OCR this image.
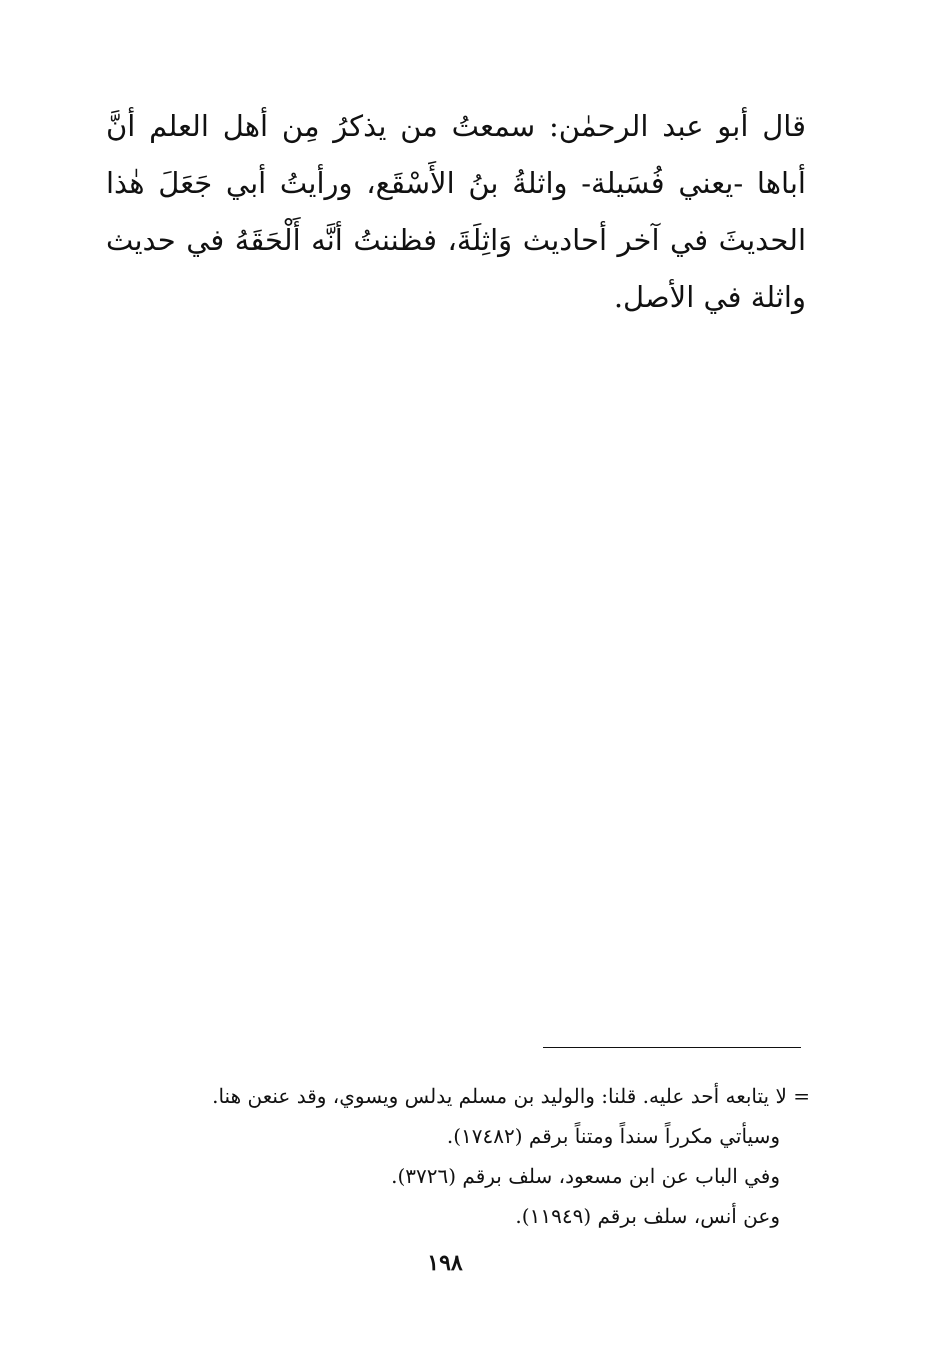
قال أبو عبد الرحمٰن: سمعتُ من يذكرُ مِن أهل العلم أنَّ
أباها -يعني فُسَيلة- واثلةُ بنُ الأَسْقَع، ورأيتُ أبي جَعَلَ هٰذا
الحديثَ في آخر أحاديث وَاثِلَةَ، فظننتُ أنَّه أَلْحَقَهُ في حديث
واثلة في الأصل.
= لا يتابعه أحد عليه. قلنا: والوليد بن مسلم يدلس ويسوي، وقد عنعن هنا.
وسيأتي مكرراً سنداً ومتناً برقم (١٧٤٨٢).
وفي الباب عن ابن مسعود، سلف برقم (٣٧٢٦).
وعن أنس، سلف برقم (١١٩٤٩).
١٩٨
